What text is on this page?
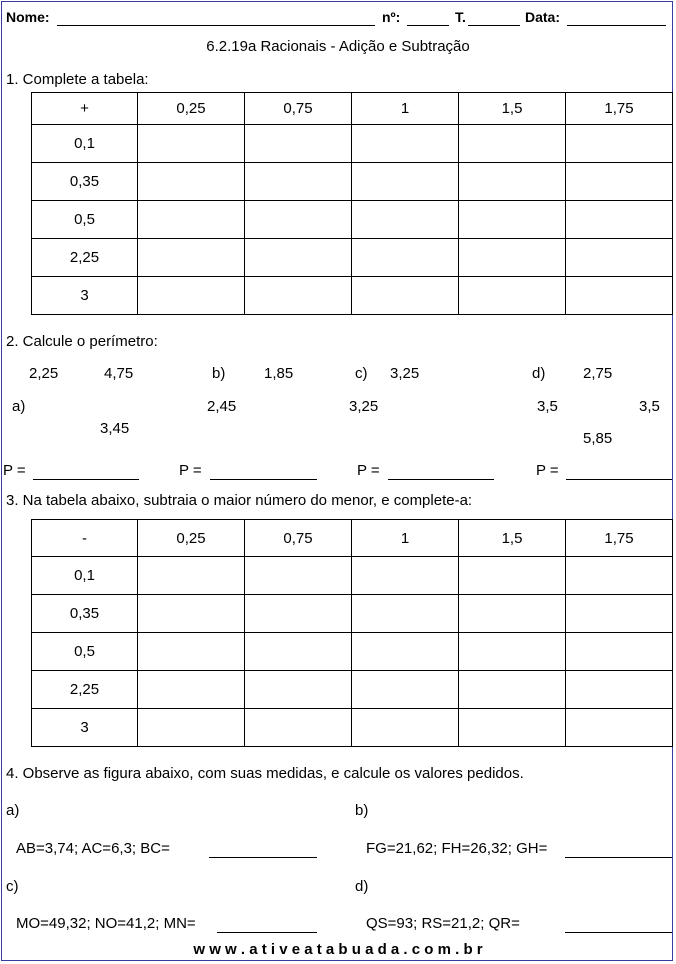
Nome:	nº:	T.	Data:
6.2.19a Racionais - Adição e Subtração
1. Complete a tabela:
+	0,25	0,75	1	1,5	1,75
0,1					
0,35					
0,5					
2,25					
3					
2. Calcule o perímetro:
2,25	4,75
a)
3,45
b)	1,85
2,45
c) 3,25
3,25
d)	2,75
3,5	3,5
5,85
P =	P =	P =	P =
3. Na tabela abaixo, subtraia o maior número do menor, e complete-a:
-	0,25	0,75	1	1,5	1,75
0,1					
0,35					
0,5					
2,25					
3					
4. Observe as figura abaixo, com suas medidas, e calcule os valores pedidos.
a)
AB=3,74; AC=6,3; BC=
b)
FG=21,62; FH=26,32; GH=
c)
MO=49,32; NO=41,2; MN=
d)
QS=93; RS=21,2; QR=
w w w . a t i v e a t a b u a d a . c o m . b r
